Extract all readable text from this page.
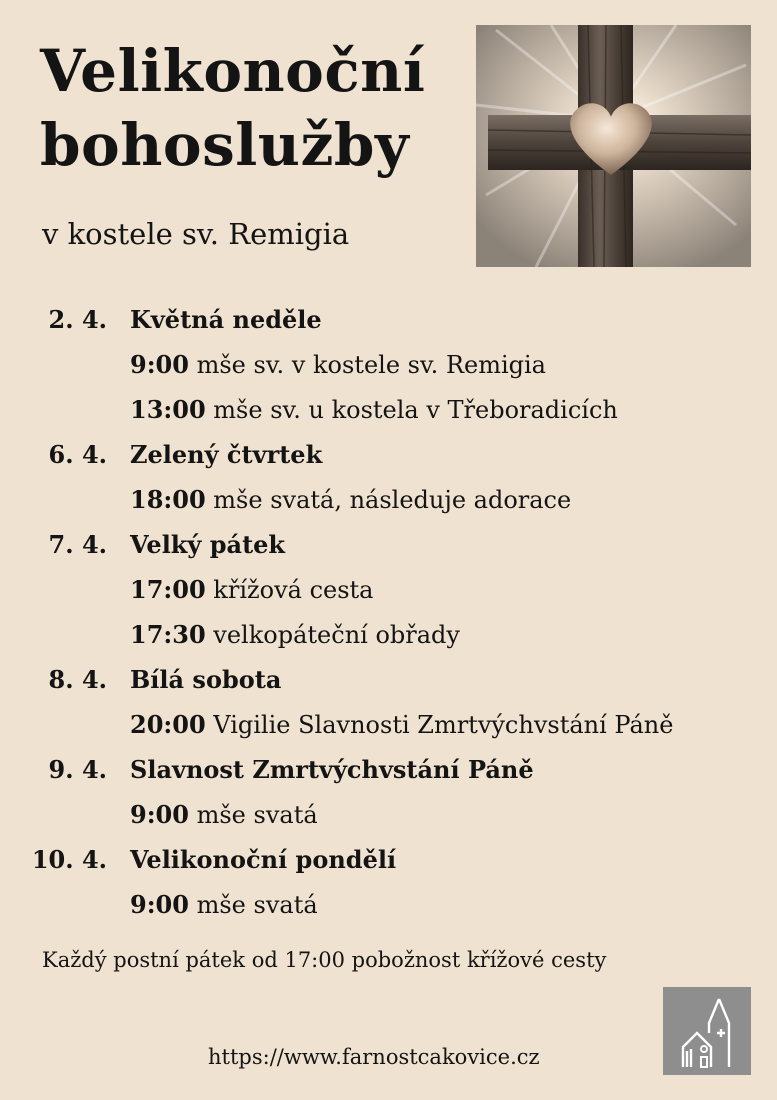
Velikonoční
bohoslužby
v kostele sv. Remigia
2. 4. Květná neděle
9:00 mše sv. v kostele sv. Remigia
13:00 mše sv. u kostela v Třeboradicích
6. 4. Zelený čtvrtek
18:00 mše svatá, následuje adorace
7. 4. Velký pátek
17:00 křížová cesta
17:30 velkopáteční obřady
8. 4. Bílá sobota
20:00 Vigilie Slavnosti Zmrtvýchvstání Páně
9. 4. Slavnost Zmrtvýchvstání Páně
9:00 mše svatá
10. 4. Velikonoční pondělí
9:00 mše svatá
Každý postní pátek od 17:00 pobožnost křížové cesty
https://www.farnostcakovice.cz
